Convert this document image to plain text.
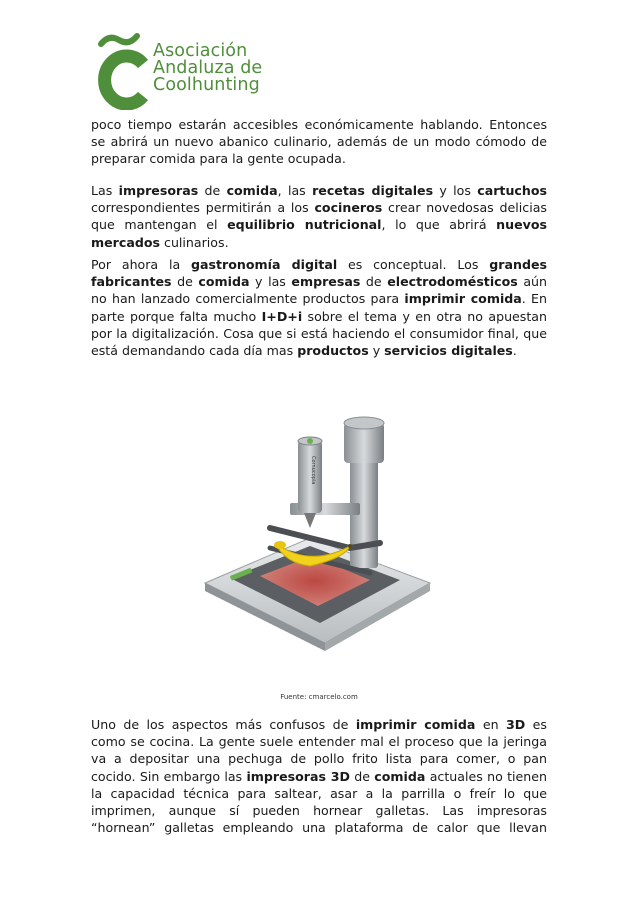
Asociación
Andaluza de
Coolhunting

poco tiempo estarán accesibles económicamente hablando. Entonces se abrirá un nuevo abanico culinario, además de un modo cómodo de preparar comida para la gente ocupada.

Las impresoras de comida, las recetas digitales y los cartuchos correspondientes permitirán a los cocineros crear novedosas delicias que mantengan el equilibrio nutricional, lo que abrirá nuevos mercados culinarios.

Por ahora la gastronomía digital es conceptual. Los grandes fabricantes de comida y las empresas de electrodomésticos aún no han lanzado comercialmente productos para imprimir comida. En parte porque falta mucho I+D+i sobre el tema y en otra no apuestan por la digitalización. Cosa que si está haciendo el consumidor final, que está demandando cada día mas productos y servicios digitales.

Cornucopia
Fuente: cmarcelo.com

Uno de los aspectos más confusos de imprimir comida en 3D es como se cocina. La gente suele entender mal el proceso que la jeringa va a depositar una pechuga de pollo frito lista para comer, o pan cocido. Sin embargo las impresoras 3D de comida actuales no tienen la capacidad técnica para saltear, asar a la parrilla o freír lo que imprimen, aunque sí pueden hornear galletas. Las impresoras “hornean” galletas empleando una plataforma de calor que llevan
